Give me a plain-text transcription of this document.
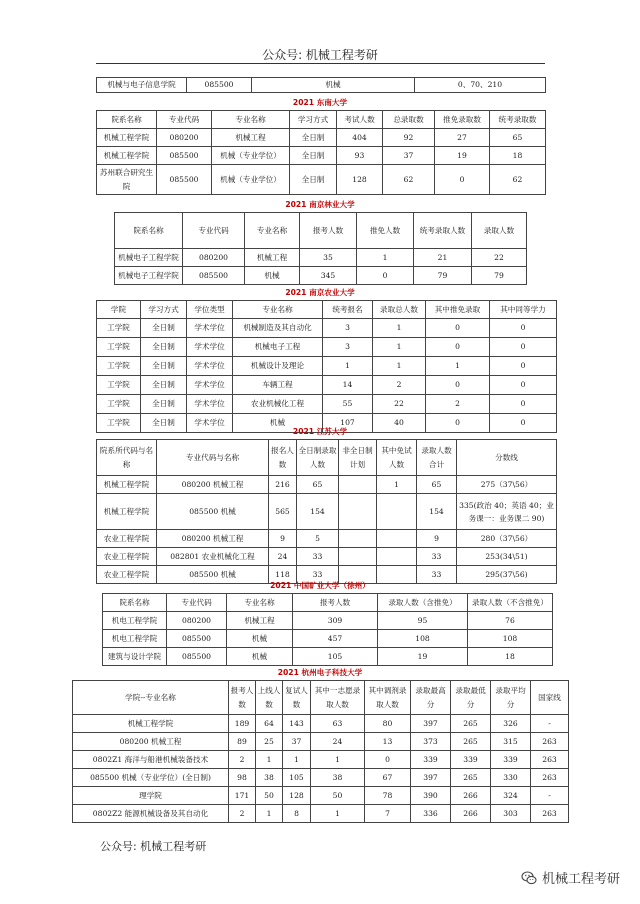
公众号: 机械工程考研
机械与电子信息学院	085500	机械	0、70、210
2021 东南大学
院系名称	专业代码	专业名称	学习方式	考试人数	总录取数	推免录取数	统考录取数
机械工程学院	080200	机械工程	全日制	404	92	27	65
机械工程学院	085500	机械（专业学位）	全日制	93	37	19	18
苏州联合研究生院	085500	机械（专业学位）	全日制	128	62	0	62
2021 南京林业大学
院系名称	专业代码	专业名称	报考人数	推免人数	统考录取人数	录取人数
机械电子工程学院	080200	机械工程	35	1	21	22
机械电子工程学院	085500	机械	345	0	79	79
2021 南京农业大学
学院	学习方式	学位类型	专业名称	统考报名	录取总人数	其中推免录取	其中同等学力
工学院	全日制	学术学位	机械制造及其自动化	3	1	0	0
工学院	全日制	学术学位	机械电子工程	3	1	0	0
工学院	全日制	学术学位	机械设计及理论	1	1	1	0
工学院	全日制	学术学位	车辆工程	14	2	0	0
工学院	全日制	学术学位	农业机械化工程	55	22	2	0
工学院	全日制	学术学位	机械	107	40	0	0
2021 江苏大学
院系所代码与名称	专业代码与名称	报名人数	全日制录取人数	非全日制计划	其中免试人数	录取人数合计	分数线
机械工程学院	080200 机械工程	216	65		1	65	275（37\56）
机械工程学院	085500 机械	565	154			154	335(政治 40；英语 40；业务课一：业务课二 90)
农业工程学院	080200 机械工程	9	5			9	280（37\56）
农业工程学院	082801 农业机械化工程	24	33			33	253(34\51)
农业工程学院	085500 机械	118	33			33	295(37\56)
2021 中国矿业大学（徐州）
院系名称	专业代码	专业名称	报考人数	录取人数（含推免）	录取人数（不含推免）
机电工程学院	080200	机械工程	309	95	76
机电工程学院	085500	机械	457	108	108
建筑与设计学院	085500	机械	105	19	18
2021 杭州电子科技大学
学院--专业名称	报考人数	上线人数	复试人数	其中一志愿录取人数	其中调剂录取人数	录取最高分	录取最低分	录取平均分	国家线
机械工程学院	189	64	143	63	80	397	265	326	-
080200 机械工程	89	25	37	24	13	373	265	315	263
0802Z1 海洋与船港机械装备技术	2	1	1	1	0	339	339	339	263
085500 机械（专业学位）(全日制)	98	38	105	38	67	397	265	330	263
理学院	171	50	128	50	78	390	266	324	-
0802Z2 能源机械设备及其自动化	2	1	8	1	7	336	266	303	263
公众号: 机械工程考研
机械工程考研
